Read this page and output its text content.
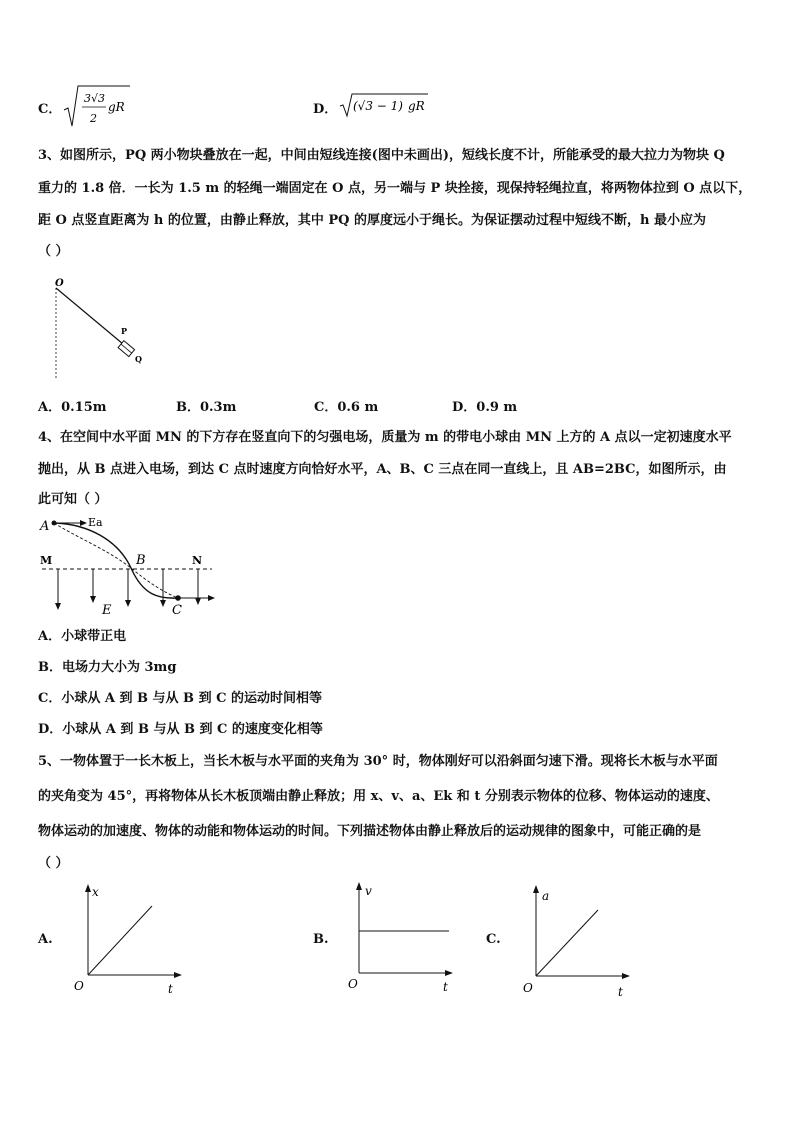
C．
3√3
2
gR	D． (√3 − 1) gR
3、如图所示，PQ 两小物块叠放在一起，中间由短线连接(图中未画出)，短线长度不计，所能承受的最大拉力为物块 Q
重力的 1.8 倍．一长为 1.5 m 的轻绳一端固定在 O 点，另一端与 P 块拴接，现保持轻绳拉直，将两物体拉到 O 点以下，
距 O 点竖直距离为 h 的位置，由静止释放，其中 PQ 的厚度远小于绳长。为保证摆动过程中短线不断，h 最小应为
（ ）
O
P
Q
A．0.15m	B．0.3m	C．0.6 m	D．0.9 m
4、在空间中水平面 MN 的下方存在竖直向下的匀强电场，质量为 m 的带电小球由 MN 上方的 A 点以一定初速度水平
抛出，从 B 点进入电场，到达 C 点时速度方向恰好水平，A、B、C 三点在同一直线上，且 AB=2BC，如图所示，由
此可知（ ）
A	Ea
M	B	N
E	C
A．小球带正电
B．电场力大小为 3mg
C．小球从 A 到 B 与从 B 到 C 的运动时间相等
D．小球从 A 到 B 与从 B 到 C 的速度变化相等
5、一物体置于一长木板上，当长木板与水平面的夹角为 30° 时，物体刚好可以沿斜面匀速下滑。现将长木板与水平面
的夹角变为 45°，再将物体从长木板顶端由静止释放；用 x、v、a、Ek 和 t 分别表示物体的位移、物体运动的速度、
物体运动的加速度、物体的动能和物体运动的时间。下列描述物体由静止释放后的运动规律的图象中，可能正确的是
（ ）
A.
x
t
O
B.
v
t
O
C.
a
t
O
